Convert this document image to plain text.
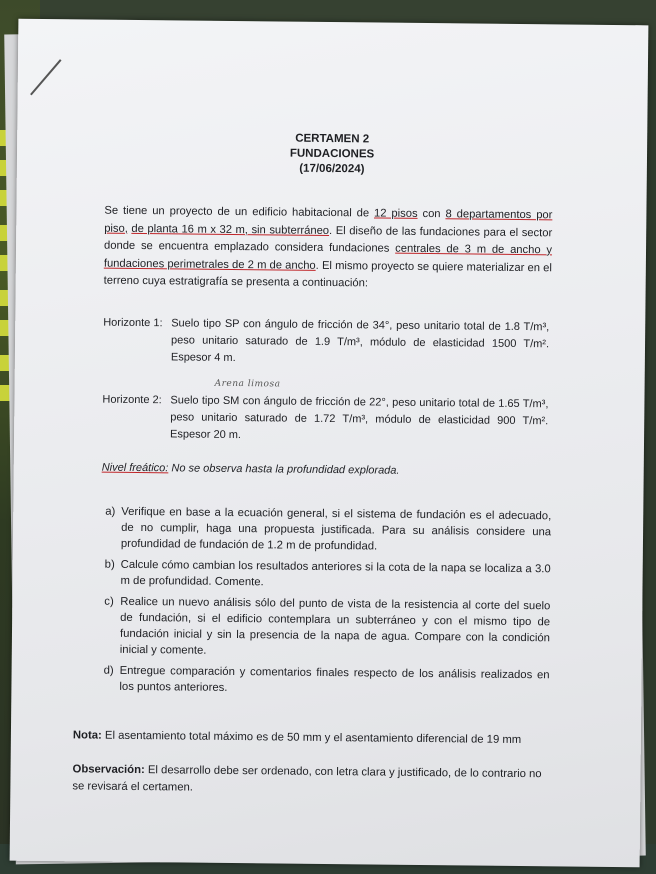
CERTAMEN 2
FUNDACIONES
(17/06/2024)
Se tiene un proyecto de un edificio habitacional de 12 pisos con 8 departamentos por piso, de planta 16 m x 32 m, sin subterráneo. El diseño de las fundaciones para el sector donde se encuentra emplazado considera fundaciones centrales de 3 m de ancho y fundaciones perimetrales de 2 m de ancho. El mismo proyecto se quiere materializar en el terreno cuya estratigrafía se presenta a continuación:
Horizonte 1: Suelo tipo SP con ángulo de fricción de 34°, peso unitario total de 1.8 T/m³, peso unitario saturado de 1.9 T/m³, módulo de elasticidad 1500 T/m². Espesor 4 m.
Arena limosa
Horizonte 2: Suelo tipo SM con ángulo de fricción de 22°, peso unitario total de 1.65 T/m³, peso unitario saturado de 1.72 T/m³, módulo de elasticidad 900 T/m². Espesor 20 m.
Nivel freático: No se observa hasta la profundidad explorada.
a) Verifique en base a la ecuación general, si el sistema de fundación es el adecuado, de no cumplir, haga una propuesta justificada. Para su análisis considere una profundidad de fundación de 1.2 m de profundidad.
b) Calcule cómo cambian los resultados anteriores si la cota de la napa se localiza a 3.0 m de profundidad. Comente.
c) Realice un nuevo análisis sólo del punto de vista de la resistencia al corte del suelo de fundación, si el edificio contemplara un subterráneo y con el mismo tipo de fundación inicial y sin la presencia de la napa de agua. Compare con la condición inicial y comente.
d) Entregue comparación y comentarios finales respecto de los análisis realizados en los puntos anteriores.
Nota: El asentamiento total máximo es de 50 mm y el asentamiento diferencial de 19 mm
Observación: El desarrollo debe ser ordenado, con letra clara y justificado, de lo contrario no se revisará el certamen.
